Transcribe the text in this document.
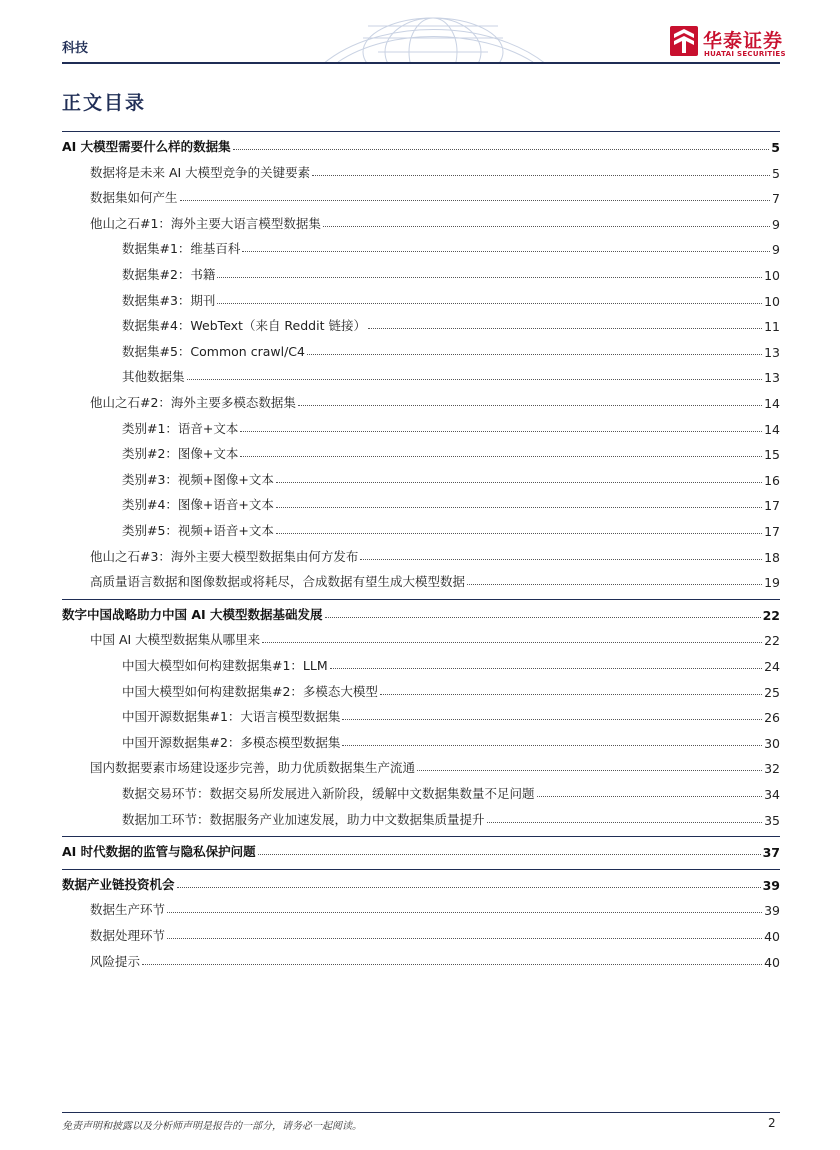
科技	华泰证券
HUATAI SECURITIES
正文目录
AI 大模型需要什么样的数据集	5
数据将是未来 AI 大模型竞争的关键要素	5
数据集如何产生	7
他山之石#1：海外主要大语言模型数据集	9
数据集#1：维基百科	9
数据集#2：书籍	10
数据集#3：期刊	10
数据集#4：WebText（来自 Reddit 链接）	11
数据集#5：Common crawl/C4	13
其他数据集	13
他山之石#2：海外主要多模态数据集	14
类别#1：语音+文本	14
类别#2：图像+文本	15
类别#3：视频+图像+文本	16
类别#4：图像+语音+文本	17
类别#5：视频+语音+文本	17
他山之石#3：海外主要大模型数据集由何方发布	18
高质量语言数据和图像数据或将耗尽，合成数据有望生成大模型数据	19
数字中国战略助力中国 AI 大模型数据基础发展	22
中国 AI 大模型数据集从哪里来	22
中国大模型如何构建数据集#1：LLM	24
中国大模型如何构建数据集#2：多模态大模型	25
中国开源数据集#1：大语言模型数据集	26
中国开源数据集#2：多模态模型数据集	30
国内数据要素市场建设逐步完善，助力优质数据集生产流通	32
数据交易环节：数据交易所发展进入新阶段，缓解中文数据集数量不足问题	34
数据加工环节：数据服务产业加速发展，助力中文数据集质量提升	35
AI 时代数据的监管与隐私保护问题	37
数据产业链投资机会	39
数据生产环节	39
数据处理环节	40
风险提示	40
免责声明和披露以及分析师声明是报告的一部分，请务必一起阅读。	2
